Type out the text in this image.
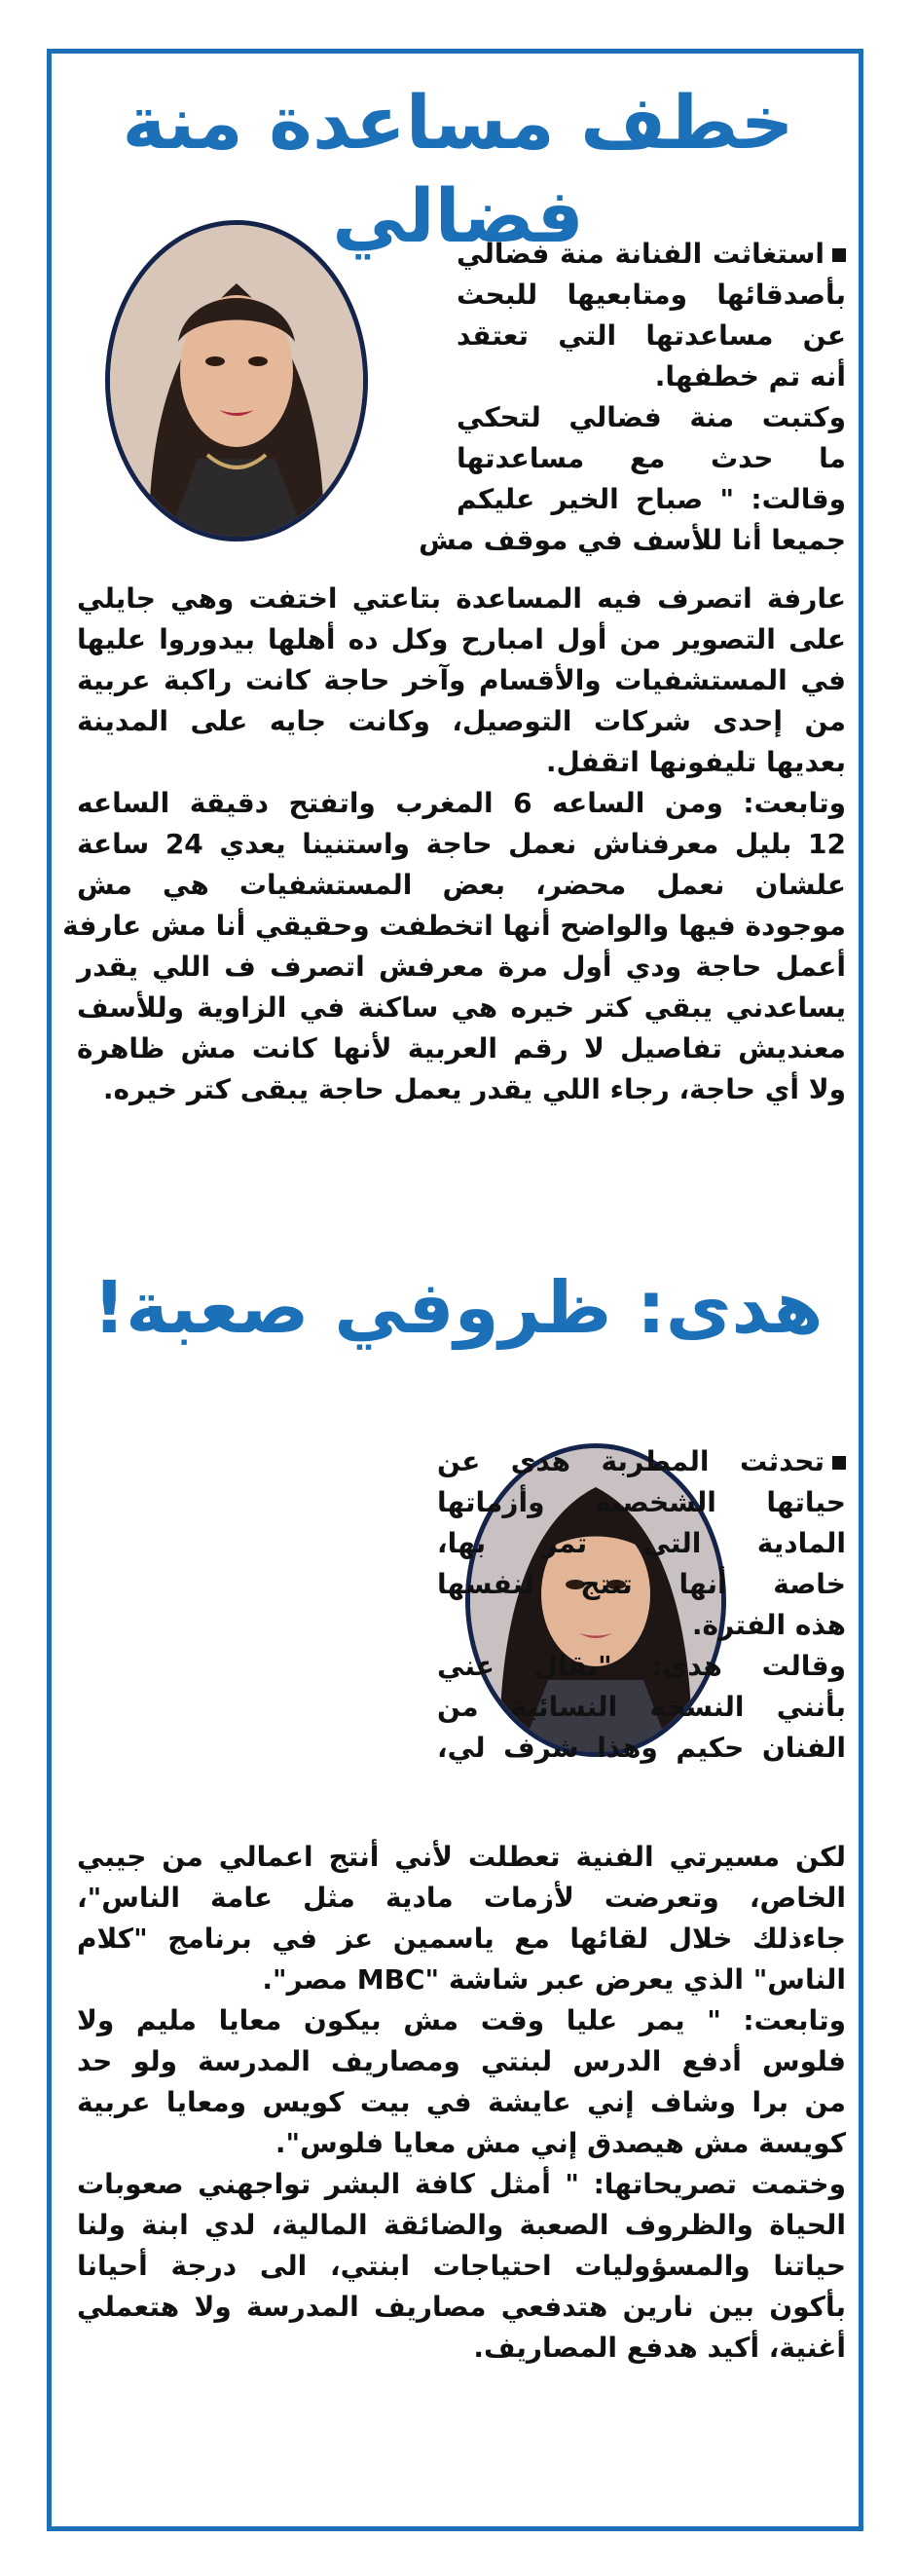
خطف مساعدة منة فضالي
استغاثت الفنانة منة فضالي
بأصدقائها ومتابعيها للبحث
عن مساعدتها التي تعتقد
أنه تم خطفها.
وكتبت منة فضالي لتحكي
ما حدث مع مساعدتها
وقالت: " صباح الخير عليكم
جميعا أنا للأسف في موقف مش
عارفة اتصرف فيه المساعدة بتاعتي اختفت وهي جايلي
على التصوير من أول امبارح وكل ده أهلها بيدوروا عليها
في المستشفيات والأقسام وآخر حاجة كانت راكبة عربية
من إحدى شركات التوصيل، وكانت جايه على المدينة
بعديها تليفونها اتقفل.
وتابعت: ومن الساعه 6 المغرب واتفتح دقيقة الساعه
12 بليل معرفناش نعمل حاجة واستنينا يعدي 24 ساعة
علشان نعمل محضر، بعض المستشفيات هي مش
موجودة فيها والواضح أنها اتخطفت وحقيقي أنا مش عارفة
أعمل حاجة ودي أول مرة معرفش اتصرف ف اللي يقدر
يساعدني يبقي كتر خيره هي ساكنة في الزاوية وللأسف
معنديش تفاصيل لا رقم العربية لأنها كانت مش ظاهرة
ولا أي حاجة، رجاء اللي يقدر يعمل حاجة يبقى كتر خيره.
هدى: ظروفي صعبة!
تحدثت المطربة هدى عن
حياتها الشخصية وأزماتها
المادية التي تمر بها،
خاصة أنها تنتج لنفسها
هذه الفترة.
وقالت هدى: "يقال عني
بأنني النسخة النسائية من
الفنان حكيم وهذا شرف لي،
لكن مسيرتي الفنية تعطلت لأني أنتج اعمالي من جيبي
الخاص، وتعرضت لأزمات مادية مثل عامة الناس"،
جاءذلك خلال لقائها مع ياسمين عز في برنامج "كلام
الناس" الذي يعرض عبر شاشة "MBC مصر".
وتابعت: " يمر عليا وقت مش بيكون معايا مليم ولا
فلوس أدفع الدرس لبنتي ومصاريف المدرسة ولو حد
من برا وشاف إني عايشة في بيت كويس ومعايا عربية
كويسة مش هيصدق إني مش معايا فلوس".
وختمت تصريحاتها: " أمثل كافة البشر تواجهني صعوبات
الحياة والظروف الصعبة والضائقة المالية، لدي ابنة ولنا
حياتنا والمسؤوليات احتياجات ابنتي، الى درجة أحيانا
بأكون بين نارين هتدفعي مصاريف المدرسة ولا هتعملي
أغنية، أكيد هدفع المصاريف.
